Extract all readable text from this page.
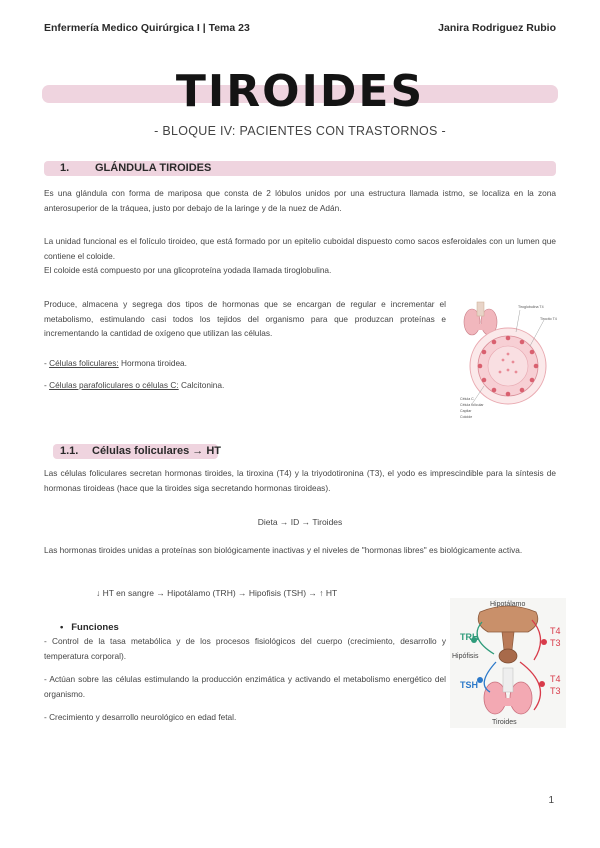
Enfermería Medico Quirúrgica I | Tema 23	Janira Rodriguez Rubio
TIROIDES
- BLOQUE IV: PACIENTES CON TRASTORNOS -
1. GLÁNDULA TIROIDES
Es una glándula con forma de mariposa que consta de 2 lóbulos unidos por una estructura llamada istmo, se localiza en la zona anterosuperior de la tráquea, justo por debajo de la laringe y de la nuez de Adán.
La unidad funcional es el folículo tiroideo, que está formado por un epitelio cuboidal dispuesto como sacos esferoidales con un lumen que contiene el coloide.
El coloide está compuesto por una glicoproteína yodada llamada tiroglobulina.
Produce, almacena y segrega dos tipos de hormonas que se encargan de regular e incrementar el metabolismo, estimulando casi todos los tejidos del organismo para que produzcan proteínas e incrementando la cantidad de oxígeno que utilizan las células.
- Células foliculares: Hormona tiroidea.
- Células parafoliculares o células C: Calcitonina.
Tiroglobulina T4
Tirocito T4
Célula C
Célula folicular
Capilar
Coloide
1.1. Células foliculares → HT
Las células foliculares secretan hormonas tiroides, la tiroxina (T4) y la triyodotironina (T3), el yodo es imprescindible para la síntesis de hormonas tiroideas (hace que la tiroides siga secretando hormonas tiroideas).
Dieta → ID → Tiroides
Las hormonas tiroides unidas a proteínas son biológicamente inactivas y el niveles de "hormonas libres" es biológicamente activa.
↓ HT en sangre → Hipotálamo (TRH) → Hipofisis (TSH) → ↑ HT
•   Funciones
- Control de la tasa metabólica y de los procesos fisiológicos del cuerpo (crecimiento, desarrollo y temperatura corporal).
- Actúan sobre las células estimulando la producción enzimática y activando el metabolismo energético del organismo.
- Crecimiento y desarrollo neurológico en edad fetal.
Hipotálamo
Hipófisis
Tiroides
TRH
TSH
T4
T3
T4
T3
1
